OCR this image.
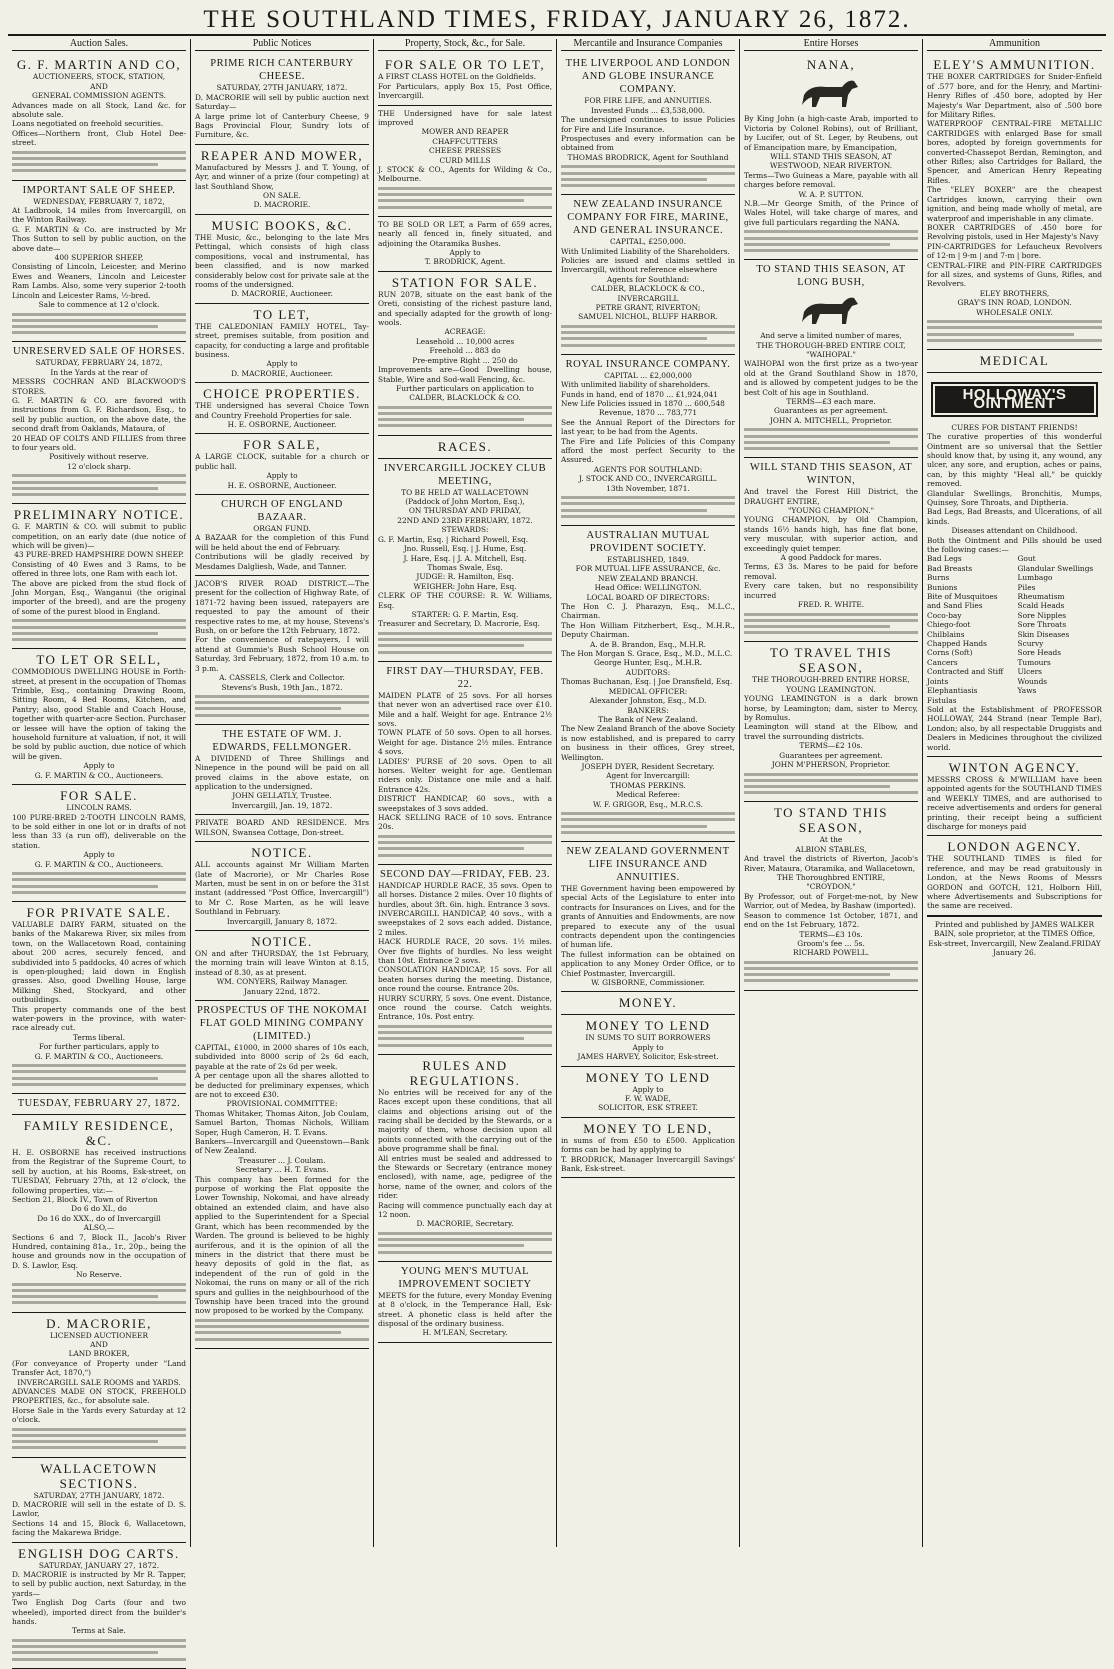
THE SOUTHLAND TIMES, FRIDAY, JANUARY 26, 1872.
Auction Sales.
G. F. MARTIN AND CO,
AUCTIONEERS, STOCK, STATION,
AND
GENERAL COMMISSION AGENTS.
Advances made on all Stock, Land &c. for absolute sale.
Loans negotiated on freehold securities.
Offices—Northern front, Club Hotel Dee-street.
IMPORTANT SALE OF SHEEP.
WEDNESDAY, FEBRUARY 7, 1872,
At Ladbrook, 14 miles from Invercargill, on the Winton Railway.
G. F. MARTIN & Co. are instructed by Mr Thos Sutton to sell by public auction, on the above date—
400 SUPERIOR SHEEP,
Consisting of Lincoln, Leicester, and Merino Ewes and Weaners, Lincoln and Leicester Ram Lambs. Also, some very superior 2-tooth Lincoln and Leicester Rams, ½-bred.
Sale to commence at 12 o'clock.
UNRESERVED SALE OF HORSES.
SATURDAY, FEBRUARY 24, 1872,
In the Yards at the rear of
MESSRS COCHRAN AND BLACKWOOD'S STORES.
G. F. MARTIN & CO. are favored with instructions from G. F. Richardson, Esq., to sell by public auction, on the above date, the second draft from Oaklands, Mataura, of
20 HEAD OF COLTS AND FILLIES from three to four years old.
Positively without reserve.
12 o'clock sharp.
PRELIMINARY NOTICE.
G. F. MARTIN & CO. will submit to public competition, on an early date (due notice of which will be given)—
43 PURE-BRED HAMPSHIRE DOWN SHEEP.
Consisting of 40 Ewes and 3 Rams, to be offered in three lots, one Ram with each lot.
The above are picked from the stud flock of John Morgan, Esq., Wanganui (the original importer of the breed), and are the progeny of some of the purest blood in England.
TO LET OR SELL,
COMMODIOUS DWELLING HOUSE in Forth-street, at present in the occupation of Thomas Trimble, Esq., containing Drawing Room, Sitting Room, 4 Bed Rooms, Kitchen, and Pantry; also, good Stable and Coach House, together with quarter-acre Section. Purchaser or lessee will have the option of taking the household furniture at valuation, if not, it will be sold by public auction, due notice of which will be given.
Apply to
G. F. MARTIN & CO., Auctioneers.
FOR SALE.
LINCOLN RAMS.
100 PURE-BRED 2-TOOTH LINCOLN RAMS, to be sold either in one lot or in drafts of not less than 33 (a run off), deliverable on the station.
Apply to
G. F. MARTIN & CO., Auctioneers.
FOR PRIVATE SALE.
VALUABLE DAIRY FARM, situated on the banks of the Makarewa River, six miles from town, on the Wallacetown Road, containing about 200 acres, securely fenced, and subdivided into 5 paddocks, 40 acres of which is open-ploughed; laid down in English grasses. Also, good Dwelling House, large Milking Shed, Stockyard, and other outbuildings.
This property commands one of the best water-powers in the province, with water-race already cut.
Terms liberal.
For further particulars, apply to
G. F. MARTIN & CO., Auctioneers.
TUESDAY, FEBRUARY 27, 1872.
FAMILY RESIDENCE, &C.
H. E. OSBORNE has received instructions from the Registrar of the Supreme Court, to sell by auction, at his Rooms, Esk-street, on TUESDAY, February 27th, at 12 o'clock, the following properties, viz:—
Section 21, Block IV., Town of Riverton
Do 6 do XI., do
Do 16 do XXX., do of Invercargill
ALSO,—
Sections 6 and 7, Block II., Jacob's River Hundred, containing 81a., 1r., 20p., being the house and grounds now in the occupation of D. S. Lawlor, Esq.
No Reserve.
D. MACRORIE,
LICENSED AUCTIONEER
AND
LAND BROKER,
(For conveyance of Property under "Land Transfer Act, 1870,")
INVERCARGILL SALE ROOMS and YARDS.
ADVANCES MADE ON STOCK, FREEHOLD PROPERTIES, &c., for absolute sale.
Horse Sale in the Yards every Saturday at 12 o'clock.
WALLACETOWN SECTIONS.
SATURDAY, 27TH JANUARY, 1872.
D. MACRORIE will sell in the estate of D. S. Lawlor,
Sections 14 and 15, Block 6, Wallacetown, facing the Makarewa Bridge.
ENGLISH DOG CARTS.
SATURDAY, JANUARY 27, 1872.
D. MACRORIE is instructed by Mr R. Tapper, to sell by public auction, next Saturday, in the yards—
Two English Dog Carts (four and two wheeled), imported direct from the builder's hands.
Terms at Sale.
Public Notices
PRIME RICH CANTERBURY CHEESE.
SATURDAY, 27TH JANUARY, 1872.
D. MACRORIE will sell by public auction next Saturday—
A large prime lot of Canterbury Cheese, 9 Bags Provincial Flour, Sundry lots of Furniture, &c.
REAPER AND MOWER,
Manufactured by Messrs J. and T. Young, of Ayr, and winner of a prize (four competing) at last Southland Show,
ON SALE.
D. MACRORIE.
MUSIC BOOKS, &C.
THE Music, &c., belonging to the late Mrs Pettingal, which consists of high class compositions, vocal and instrumental, has been classified, and is now marked considerably below cost for private sale at the rooms of the undersigned.
D. MACRORIE, Auctioneer.
TO LET,
THE CALEDONIAN FAMILY HOTEL, Tay-street, premises suitable, from position and capacity, for conducting a large and profitable business.
Apply to
D. MACRORIE, Auctioneer.
CHOICE PROPERTIES.
THE undersigned has several Choice Town and Country Freehold Properties for sale.
H. E. OSBORNE, Auctioneer.
FOR SALE,
A LARGE CLOCK, suitable for a church or public hall.
Apply to
H. E. OSBORNE, Auctioneer.
CHURCH OF ENGLAND BAZAAR.
ORGAN FUND.
A BAZAAR for the completion of this Fund will be held about the end of February.
Contributions will be gladly received by Mesdames Dalgliesh, Wade, and Tanner.
JACOB'S RIVER ROAD DISTRICT.—The present for the collection of Highway Rate, of 1871-72 having been issued, ratepayers are requested to pay the amount of their respective rates to me, at my house, Stevens's Bush, on or before the 12th February, 1872.
For the convenience of ratepayers, I will attend at Gummie's Bush School House on Saturday, 3rd February, 1872, from 10 a.m. to 3 p.m.
A. CASSELS, Clerk and Collector.
Stevens's Bush, 19th Jan., 1872.
THE ESTATE OF WM. J. EDWARDS, FELLMONGER.
A DIVIDEND of Three Shillings and Ninepence in the pound will be paid on all proved claims in the above estate, on application to the undersigned.
JOHN GELLATLY, Trustee.
Invercargill, Jan. 19, 1872.
PRIVATE BOARD AND RESIDENCE. Mrs WILSON, Swansea Cottage, Don-street.
NOTICE.
ALL accounts against Mr William Marten (late of Macrorie), or Mr Charles Rose Marten, must be sent in on or before the 31st instant (addressed "Post Office, Invercargill") to Mr C. Rose Marten, as he will leave Southland in February.
Invercargill, January 8, 1872.
NOTICE.
ON and after THURSDAY, the 1st February, the morning train will leave Winton at 8.15, instead of 8.30, as at present.
WM. CONYERS, Railway Manager.
January 22nd, 1872.
PROSPECTUS OF THE NOKOMAI FLAT GOLD MINING COMPANY (LIMITED.)
CAPITAL, £1000, in 2000 shares of 10s each, subdivided into 8000 scrip of 2s 6d each, payable at the rate of 2s 6d per week.
A per centage upon all the shares allotted to be deducted for preliminary expenses, which are not to exceed £30.
PROVISIONAL COMMITTEE:
Thomas Whitaker, Thomas Aiton, Job Coulam, Samuel Barton, Thomas Nichols, William Soper, Hugh Cameron, H. T. Evans.
Bankers—Invercargill and Queenstown—Bank of New Zealand.
Treasurer ... J. Coulam.
Secretary ... H. T. Evans.
This company has been formed for the purpose of working the Flat opposite the Lower Township, Nokomai, and have already obtained an extended claim, and have also applied to the Superintendent for a Special Grant, which has been recommended by the Warden. The ground is believed to be highly auriferous, and it is the opinion of all the miners in the district that there must be heavy deposits of gold in the flat, as independent of the run of gold in the Nokomai, the runs on many or all of the rich spurs and gullies in the neighbourhood of the Township have been traced into the ground now proposed to be worked by the Company.
Property, Stock, &c., for Sale.
FOR SALE OR TO LET,
A FIRST CLASS HOTEL on the Goldfields.
For Particulars, apply Box 15, Post Office, Invercargill.
THE Undersigned have for sale latest improved
MOWER AND REAPER
CHAFFCUTTERS
CHEESE PRESSES
CURD MILLS
J. STOCK & CO., Agents for Wilding & Co., Melbourne.
TO BE SOLD OR LET, a Farm of 659 acres, nearly all fenced in, finely situated, and adjoining the Otaramika Bushes.
Apply to
T. BRODRICK, Agent.
STATION FOR SALE.
RUN 207B, situate on the east bank of the Oreti, consisting of the richest pasture land, and specially adapted for the growth of long-wools.
ACREAGE:
Leasehold ... 10,000 acres
Freehold ... 883 do
Pre-emptive Right ... 250 do
Improvements are—Good Dwelling house, Stable, Wire and Sod-wall Fencing, &c.
Further particulars on application to
CALDER, BLACKLOCK & CO.
RACES.
INVERCARGILL JOCKEY CLUB MEETING,
TO BE HELD AT WALLACETOWN
(Paddock of John Morton, Esq.),
ON THURSDAY AND FRIDAY,
22ND AND 23RD FEBRUARY, 1872.
STEWARDS:
G. F. Martin, Esq. | Richard Powell, Esq.
Jno. Russell, Esq. | J. Hume, Esq.
J. Hare, Esq. | J. A. Mitchell, Esq.
Thomas Swale, Esq.
JUDGE: R. Hamilton, Esq.
WEIGHER: John Hare, Esq.
CLERK OF THE COURSE: R. W. Williams, Esq.
STARTER: G. F. Martin, Esq.
Treasurer and Secretary, D. Macrorie, Esq.
FIRST DAY—THURSDAY, FEB. 22.
MAIDEN PLATE of 25 sovs. For all horses that never won an advertised race over £10. Mile and a half. Weight for age. Entrance 2½ sovs.
TOWN PLATE of 50 sovs. Open to all horses. Weight for age. Distance 2½ miles. Entrance 4 sovs.
LADIES' PURSE of 20 sovs. Open to all horses. Welter weight for age. Gentleman riders only. Distance one mile and a half. Entrance 42s.
DISTRICT HANDICAP, 60 sovs., with a sweepstakes of 3 sovs added.
HACK SELLING RACE of 10 sovs. Entrance 20s.
SECOND DAY—FRIDAY, FEB. 23.
HANDICAP HURDLE RACE, 35 sovs. Open to all horses. Distance 2 miles. Over 10 flights of hurdles, about 3ft. 6in. high. Entrance 3 sovs.
INVERCARGILL HANDICAP, 40 sovs., with a sweepstakes of 2 sovs each added. Distance, 2 miles.
HACK HURDLE RACE, 20 sovs. 1½ miles. Over five flights of hurdles. No less weight than 10st. Entrance 2 sovs.
CONSOLATION HANDICAP, 15 sovs. For all beaten horses during the meeting. Distance, once round the course. Entrance 20s.
HURRY SCURRY, 5 sovs. One event. Distance, once round the course. Catch weights. Entrance, 10s. Post entry.
RULES AND REGULATIONS.
No entries will be received for any of the Races except upon these conditions, that all claims and objections arising out of the racing shall be decided by the Stewards, or a majority of them, whose decision upon all points connected with the carrying out of the above programme shall be final.
All entries must be sealed and addressed to the Stewards or Secretary (entrance money enclosed), with name, age, pedigree of the horse, name of the owner, and colors of the rider.
Racing will commence punctually each day at 12 noon.
D. MACRORIE, Secretary.
YOUNG MEN'S MUTUAL IMPROVEMENT SOCIETY
MEETS for the future, every Monday Evening at 8 o'clock, in the Temperance Hall, Esk-street. A phonetic class is held after the disposal of the ordinary business.
H. M'LEAN, Secretary.
Mercantile and Insurance Companies
THE LIVERPOOL AND LONDON AND GLOBE INSURANCE COMPANY.
FOR FIRE LIFE, and ANNUITIES.
Invested Funds ... £3,538,000.
The undersigned continues to issue Policies for Fire and Life Insurance.
Prospectuses and every information can be obtained from
THOMAS BRODRICK, Agent for Southland
NEW ZEALAND INSURANCE COMPANY FOR FIRE, MARINE, AND GENERAL INSURANCE.
CAPITAL, £250,000.
With Unlimited Liability of the Shareholders.
Policies are issued and claims settled in Invercargill, without reference elsewhere
Agents for Southland:
CALDER, BLACKLOCK & CO.,
INVERCARGILL
PETRE GRANT, RIVERTON;
SAMUEL NICHOL, BLUFF HARBOR.
ROYAL INSURANCE COMPANY.
CAPITAL ... £2,000,000
With unlimited liability of shareholders.
Funds in hand, end of 1870 ... £1,924,041
New Life Policies issued in 1870 ... 600,548
Revenue, 1870 ... 783,771
See the Annual Report of the Directors for last year, to be had from the Agents.
The Fire and Life Policies of this Company afford the most perfect Security to the Assured.
AGENTS FOR SOUTHLAND:
J. STOCK AND CO., INVERCARGILL.
13th November, 1871.
AUSTRALIAN MUTUAL PROVIDENT SOCIETY.
ESTABLISHED, 1849.
FOR MUTUAL LIFE ASSURANCE, &c.
NEW ZEALAND BRANCH.
Head Office: WELLINGTON.
LOCAL BOARD OF DIRECTORS:
The Hon C. J. Pharazyn, Esq., M.L.C., Chairman.
The Hon William Fitzherbert, Esq., M.H.R., Deputy Chairman.
A. de B. Brandon, Esq., M.H.R.
The Hon Morgan S. Grace, Esq., M.D., M.L.C.
George Hunter, Esq., M.H.R.
AUDITORS:
Thomas Buchanan, Esq. | Joe Dransfield, Esq.
MEDICAL OFFICER:
Alexander Johnston, Esq., M.D.
BANKERS:
The Bank of New Zealand.
The New Zealand Branch of the above Society is now established, and is prepared to carry on business in their offices, Grey street, Wellington.
JOSEPH DYER, Resident Secretary.
Agent for Invercargill:
THOMAS PERKINS.
Medical Referee:
W. F. GRIGOR, Esq., M.R.C.S.
NEW ZEALAND GOVERNMENT LIFE INSURANCE AND ANNUITIES.
THE Government having been empowered by special Acts of the Legislature to enter into contracts for Insurances on Lives, and for the grants of Annuities and Endowments, are now prepared to execute any of the usual contracts dependent upon the contingencies of human life.
The fullest information can be obtained on application to any Money Order Office, or to Chief Postmaster, Invercargill.
W. GISBORNE, Commissioner.
MONEY.
MONEY TO LEND
IN SUMS TO SUIT BORROWERS
Apply to
JAMES HARVEY, Solicitor, Esk-street.
MONEY TO LEND
Apply to
F. W. WADE,
SOLICITOR, ESK STREET.
MONEY TO LEND,
in sums of from £50 to £500. Application forms can be had by applying to
T. BRODRICK, Manager Invercargill Savings' Bank, Esk-street.
Entire Horses
NANA,
By King John (a high-caste Arab, imported to Victoria by Colonel Robins), out of Brilliant, by Lucifer, out of St. Leger, by Reubens, out of Emancipation mare, by Emancipation,
WILL STAND THIS SEASON, AT
WESTWOOD, NEAR RIVERTON.
Terms—Two Guineas a Mare, payable with all charges before removal.
W. A. P. SUTTON.
N.B.—Mr George Smith, of the Prince of Wales Hotel, will take charge of mares, and give full particulars regarding the NANA.
TO STAND THIS SEASON, AT LONG BUSH,
And serve a limited number of mares,
THE THOROUGH-BRED ENTIRE COLT,
"WAIHOPAI."
WAIHOPAI won the first prize as a two-year old at the Grand Southland Show in 1870, and is allowed by competent judges to be the best Colt of his age in Southland.
TERMS—£3 each mare.
Guarantees as per agreement.
JOHN A. MITCHELL, Proprietor.
WILL STAND THIS SEASON, AT WINTON,
And travel the Forest Hill District, the DRAUGHT ENTIRE,
"YOUNG CHAMPION."
YOUNG CHAMPION, by Old Champion, stands 16½ hands high, has fine flat bone, very muscular, with superior action, and exceedingly quiet temper.
A good Paddock for mares.
Terms, £3 3s. Mares to be paid for before removal.
Every care taken, but no responsibility incurred
FRED. R. WHITE.
TO TRAVEL THIS SEASON,
THE THOROUGH-BRED ENTIRE HORSE,
YOUNG LEAMINGTON.
YOUNG LEAMINGTON is a dark brown horse, by Leamington; dam, sister to Mercy, by Romulus.
Leamington will stand at the Elbow, and travel the surrounding districts.
TERMS—£2 10s.
Guarantees per agreement.
JOHN M'PHERSON, Proprietor.
TO STAND THIS SEASON,
At the
ALBION STABLES,
And travel the districts of Riverton, Jacob's River, Mataura, Otaramika, and Wallacetown,
THE Thoroughbred ENTIRE,
"CROYDON,"
By Professor, out of Forget-me-not, by New Warrior, out of Medea, by Bashaw (imported).
Season to commence 1st October, 1871, and end on the 1st February, 1872.
TERMS—£3 10s.
Groom's fee ... 5s.
RICHARD POWELL.
Ammunition
ELEY'S AMMUNITION.
THE BOXER CARTRIDGES for Snider-Enfield of .577 bore, and for the Henry, and Martini-Henry Rifles of .450 bore, adopted by Her Majesty's War Department, also of .500 bore for Military Rifles.
WATERPROOF CENTRAL-FIRE METALLIC CARTRIDGES with enlarged Base for small bores, adopted by foreign governments for converted-Chassepot Berdan, Remington, and other Rifles; also Cartridges for Ballard, the Spencer, and American Henry Repeating Rifles.
The "ELEY BOXER" are the cheapest Cartridges known, carrying their own ignition, and being made wholly of metal, are waterproof and imperishable in any climate.
BOXER CARTRIDGES of .450 bore for Revolving pistols, used in Her Majesty's Navy
PIN-CARTRIDGES for Lefaucheux Revolvers of 12-m | 9-m | and 7-m | bore.
CENTRAL-FIRE and PIN-FIRE CARTRIDGES for all sizes, and systems of Guns, Rifles, and Revolvers.
ELEY BROTHERS,
GRAY'S INN ROAD, LONDON.
WHOLESALE ONLY.
MEDICAL
HOLLOWAY'S OINTMENT
CURES FOR DISTANT FRIENDS!
The curative properties of this wonderful Ointment are so universal that the Settler should know that, by using it, any wound, any ulcer, any sore, and eruption, aches or pains, can, by this mighty "Heal all," be quickly removed.
Glandular Swellings, Bronchitis, Mumps, Quinsey, Sore Throats, and Diptheria.
Bad Legs, Bad Breasts, and Ulcerations, of all kinds.
Diseases attendant on Childhood.
Both the Ointment and Pills should be used the following cases:—
Bad Legs
Bad Breasts
Burns
Bunions
Bite of Musquitoes and Sand Flies
Coco-bay
Chiego-foot
Chilblains
Chapped Hands
Corns (Soft)
Cancers
Contracted and Stiff Joints
Elephantiasis
Fistulas
Gout
Glandular Swellings
Lumbago
Piles
Rheumatism
Scald Heads
Sore Nipples
Sore Throats
Skin Diseases
Scurvy
Sore Heads
Tumours
Ulcers
Wounds
Yaws
Sold at the Establishment of PROFESSOR HOLLOWAY, 244 Strand (near Temple Bar), London; also, by all respectable Druggists and Dealers in Medicines throughout the civilized world.
WINTON AGENCY.
MESSRS CROSS & M'WILLIAM have been appointed agents for the SOUTHLAND TIMES and WEEKLY TIMES, and are authorised to receive advertisements and orders for general printing, their receipt being a sufficient discharge for moneys paid
LONDON AGENCY.
THE SOUTHLAND TIMES is filed for reference, and may be read gratuitously in London, at the News Rooms of Messrs GORDON and GOTCH, 121, Holborn Hill, where Advertisements and Subscriptions for the same are received.
Printed and published by JAMES WALKER BAIN, sole proprietor, at the TIMES Office, Esk-street, Invercargill, New Zealand.FRIDAY January 26.
